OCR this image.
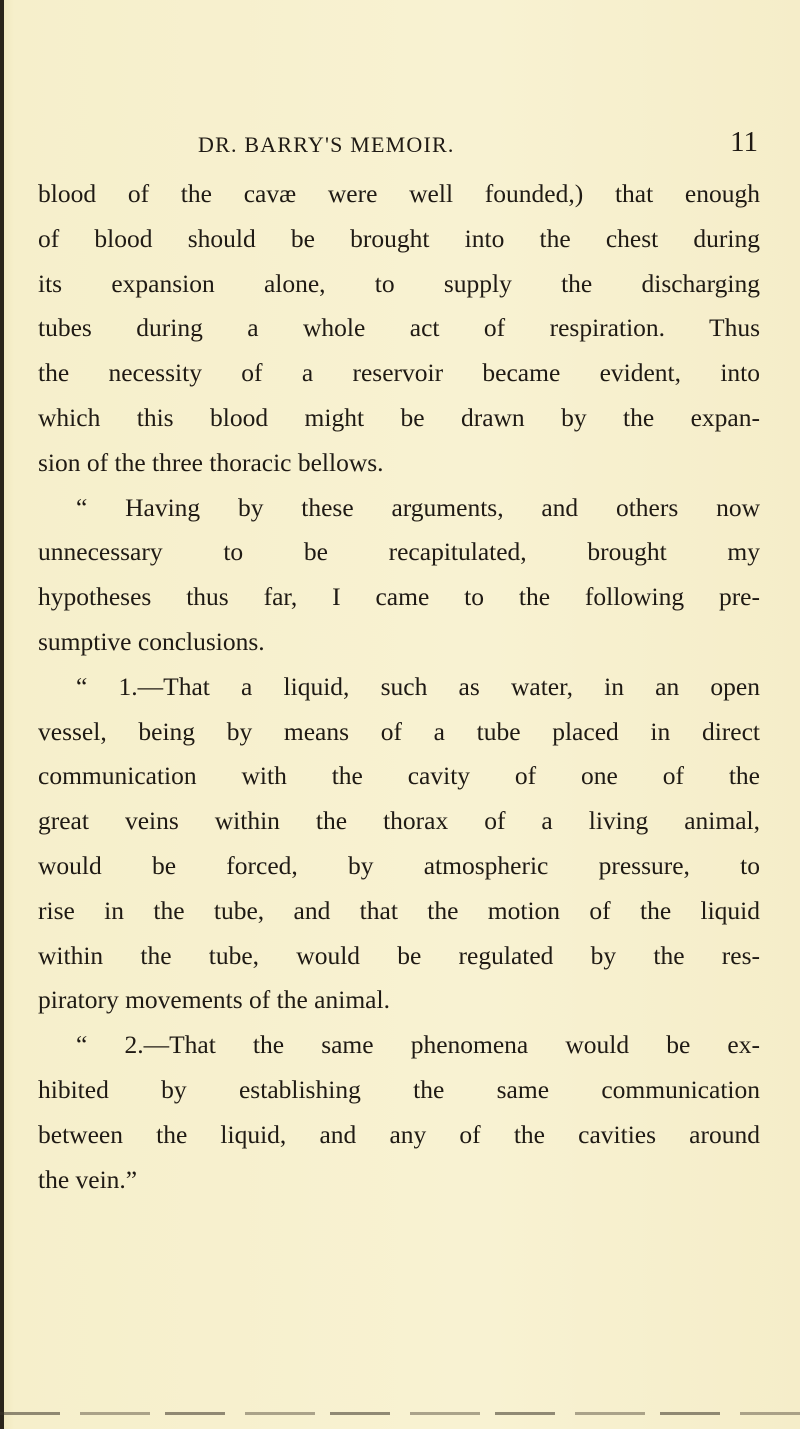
DR. BARRY'S MEMOIR.	11
blood of the cavæ were well founded,) that enough
of blood should be brought into the chest during
its expansion alone, to supply the discharging
tubes during a whole act of respiration. Thus
the necessity of a reservoir became evident, into
which this blood might be drawn by the expan-
sion of the three thoracic bellows.
“ Having by these arguments, and others now
unnecessary to be recapitulated, brought my
hypotheses thus far, I came to the following pre-
sumptive conclusions.
“ 1.—That a liquid, such as water, in an open
vessel, being by means of a tube placed in direct
communication with the cavity of one of the
great veins within the thorax of a living animal,
would be forced, by atmospheric pressure, to
rise in the tube, and that the motion of the liquid
within the tube, would be regulated by the res-
piratory movements of the animal.
“ 2.—That the same phenomena would be ex-
hibited by establishing the same communication
between the liquid, and any of the cavities around
the vein.”
